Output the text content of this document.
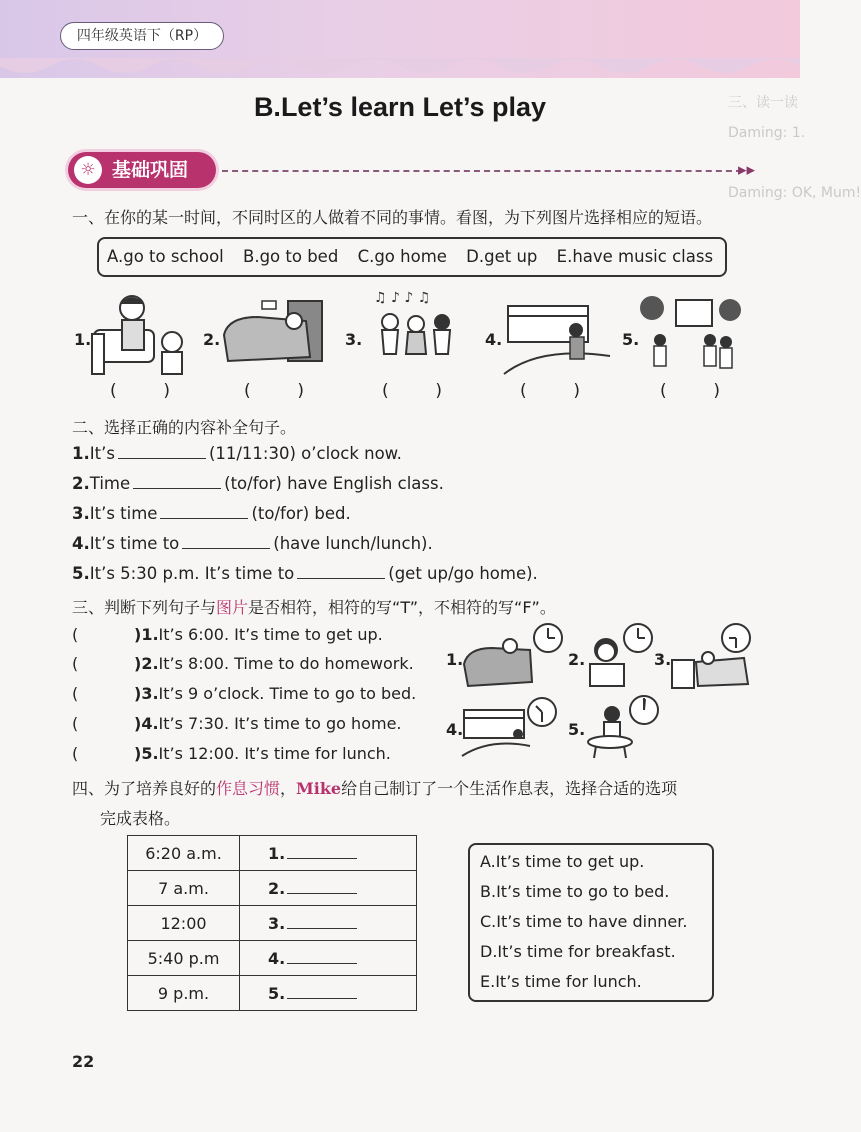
四年级英语下（RP）
三、读一读
Daming: 1.
Daming: OK, Mum!
B.Let’s learn Let’s play
☼ 基础巩固	▸▸
一、在你的某一时间，不同时区的人做着不同的事情。看图，为下列图片选择相应的短语。
A.go to school B.go to bed C.go home D.get up E.have music class
1.	2.	3.
♫ ♪ ♪ ♫
4.	5.
(	)	(	)	(	)	(	)	(	)
二、选择正确的内容补全句子。
1.It’s	(11/11:30) o’clock now.
2.Time	(to/for) have English class.
3.It’s time	(to/for) bed.
4.It’s time to	(have lunch/lunch).
5.It’s 5:30 p.m. It’s time to	(get up/go home).
三、判断下列句子与图片是否相符，相符的写“T”，不相符的写“F”。
(	)1.It’s 6:00. It’s time to get up.
(	)2.It’s 8:00. Time to do homework.
(	)3.It’s 9 o’clock. Time to go to bed.
(	)4.It’s 7:30. It’s time to go home.
(	)5.It’s 12:00. It’s time for lunch.
1.	2.	3.
4.	5.
四、为了培养良好的作息习惯，Mike给自己制订了一个生活作息表，选择合适的选项
完成表格。
6:20 a.m.	1.
7 a.m.	2.
12:00	3.
5:40 p.m	4.
9 p.m.	5.
A.It’s time to get up.
B.It’s time to go to bed.
C.It’s time to have dinner.
D.It’s time for breakfast.
E.It’s time for lunch.
22
